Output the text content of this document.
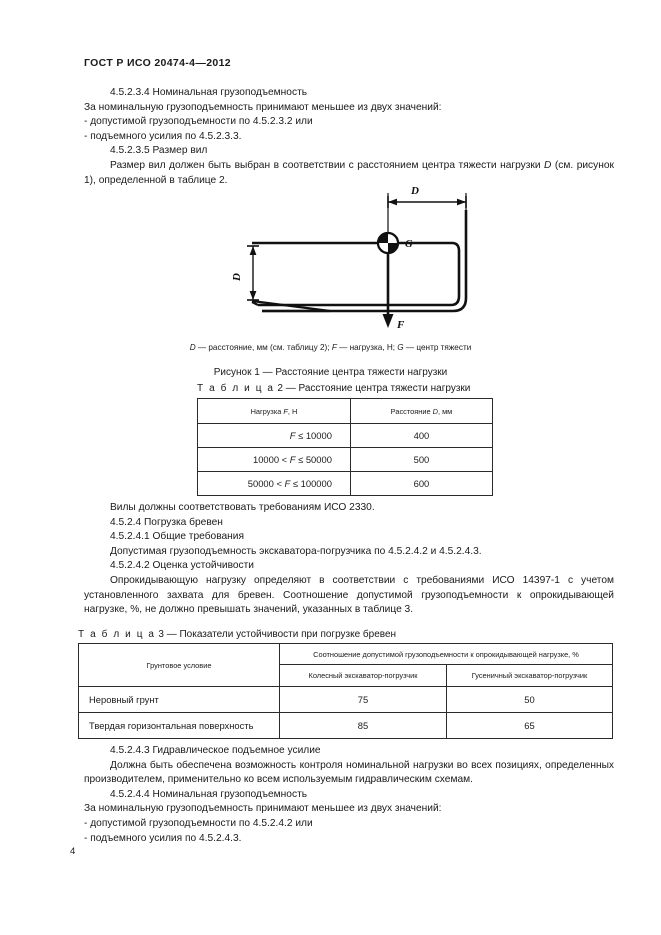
ГОСТ Р ИСО 20474-4—2012

4.5.2.3.4 Номинальная грузоподъемность

За номинальную грузоподъемность принимают меньшее из двух значений:

- допустимой грузоподъемности по 4.5.2.3.2 или

- подъемного усилия по 4.5.2.3.3.

4.5.2.3.5 Размер вил

Размер вил должен быть выбран в соответствии с расстоянием центра тяжести нагрузки D (см. рисунок 1), определенной в таблице 2.

D
D
G
F
D — расстояние, мм (см. таблицу 2); F — нагрузка, Н; G — центр тяжести
Рисунок 1 — Расстояние центра тяжести нагрузки
Т а б л и ц а 2 — Расстояние центра тяжести нагрузки
Нагрузка F, Н	Расстояние D, мм
F ≤ 10000	400
10000 < F ≤ 50000	500
50000 < F ≤ 100000	600

Вилы должны соответствовать требованиям ИСО 2330.

4.5.2.4 Погрузка бревен

4.5.2.4.1 Общие требования

Допустимая грузоподъемность экскаватора-погрузчика по 4.5.2.4.2 и 4.5.2.4.3.

4.5.2.4.2 Оценка устойчивости

Опрокидывающую нагрузку определяют в соответствии с требованиями ИСО 14397-1 с учетом установленного захвата для бревен. Соотношение допустимой грузоподъемности к опрокидывающей нагрузке, %, не должно превышать значений, указанных в таблице 3.

Т а б л и ц а 3 — Показатели устойчивости при погрузке бревен
Грунтовое условие	Соотношение допустимой грузоподъемности к опрокидывающей нагрузке, %	
	Колесный экскаватор-погрузчик	Гусеничный экскаватор-погрузчик
Неровный грунт	75	50
Твердая горизонтальная поверхность	85	65

4.5.2.4.3 Гидравлическое подъемное усилие

Должна быть обеспечена возможность контроля номинальной нагрузки во всех позициях, определенных производителем, применительно ко всем используемым гидравлическим схемам.

4.5.2.4.4 Номинальная грузоподъемность

За номинальную грузоподъемность принимают меньшее из двух значений:

- допустимой грузоподъемности по 4.5.2.4.2 или

- подъемного усилия по 4.5.2.4.3.

4
